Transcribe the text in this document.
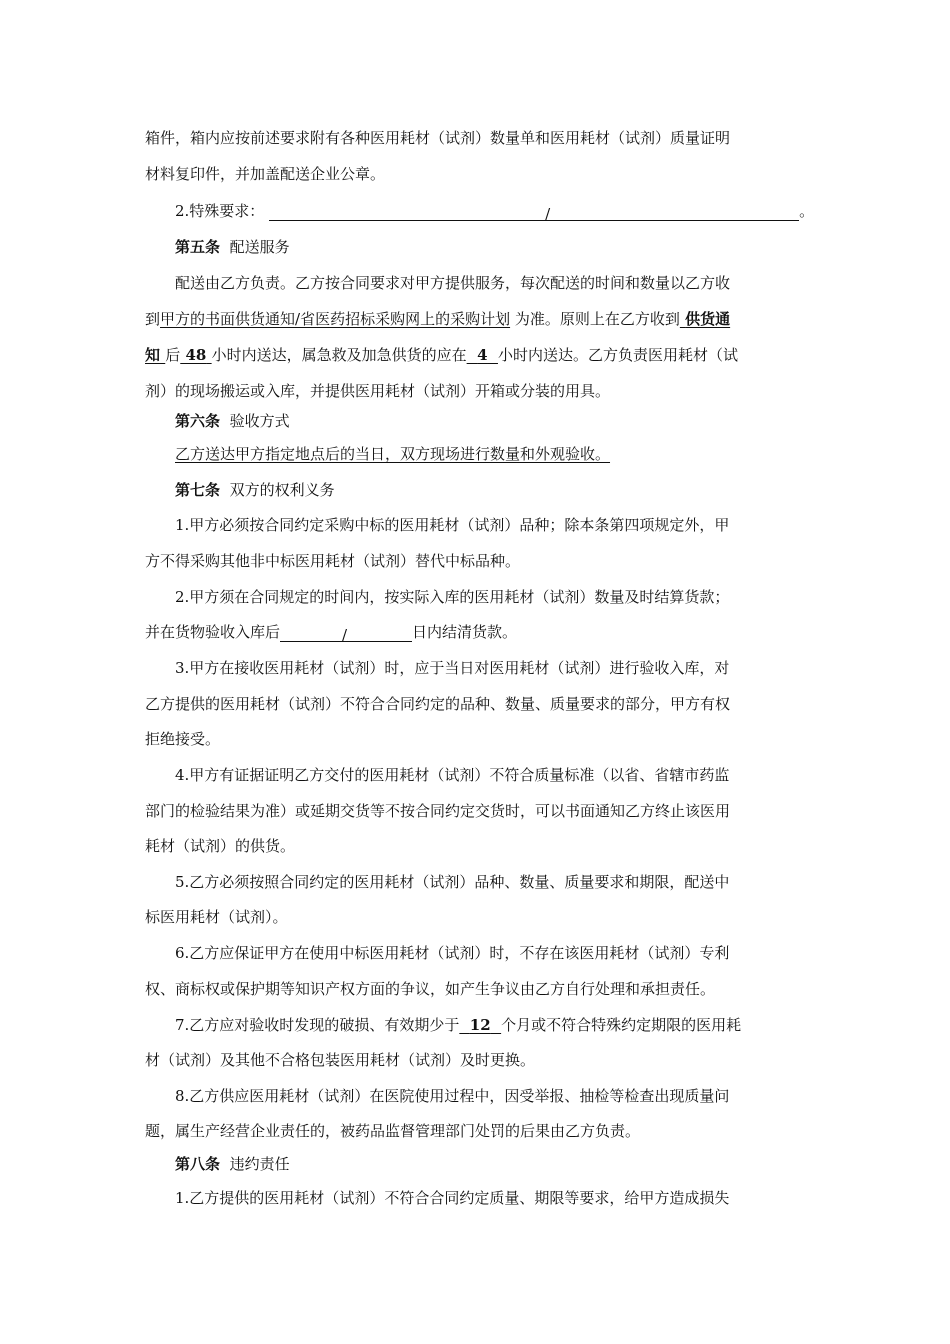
箱件，箱内应按前述要求附有各种医用耗材（试剂）数量单和医用耗材（试剂）质量证明
材料复印件，并加盖配送企业公章。
2.特殊要求：	/	。
第五条 配送服务
配送由乙方负责。乙方按合同要求对甲方提供服务，每次配送的时间和数量以乙方收
到甲方的书面供货通知/省医药招标采购网上的采购计划 为准。原则上在乙方收到 供货通
知 后 48 小时内送达，属急救及加急供货的应在 4 小时内送达。乙方负责医用耗材（试
剂）的现场搬运或入库，并提供医用耗材（试剂）开箱或分装的用具。
第六条 验收方式
乙方送达甲方指定地点后的当日，双方现场进行数量和外观验收。
第七条 双方的权利义务
1.甲方必须按合同约定采购中标的医用耗材（试剂）品种；除本条第四项规定外，甲
方不得采购其他非中标医用耗材（试剂）替代中标品种。
2.甲方须在合同规定的时间内，按实际入库的医用耗材（试剂）数量及时结算货款；
并在货物验收入库后	/	日内结清货款。
3.甲方在接收医用耗材（试剂）时，应于当日对医用耗材（试剂）进行验收入库，对
乙方提供的医用耗材（试剂）不符合合同约定的品种、数量、质量要求的部分，甲方有权
拒绝接受。
4.甲方有证据证明乙方交付的医用耗材（试剂）不符合质量标准（以省、省辖市药监
部门的检验结果为准）或延期交货等不按合同约定交货时，可以书面通知乙方终止该医用
耗材（试剂）的供货。
5.乙方必须按照合同约定的医用耗材（试剂）品种、数量、质量要求和期限，配送中
标医用耗材（试剂）。
6.乙方应保证甲方在使用中标医用耗材（试剂）时，不存在该医用耗材（试剂）专利
权、商标权或保护期等知识产权方面的争议，如产生争议由乙方自行处理和承担责任。
7.乙方应对验收时发现的破损、有效期少于 12 个月或不符合特殊约定期限的医用耗
材（试剂）及其他不合格包装医用耗材（试剂）及时更换。
8.乙方供应医用耗材（试剂）在医院使用过程中，因受举报、抽检等检查出现质量问
题，属生产经营企业责任的，被药品监督管理部门处罚的后果由乙方负责。
第八条 违约责任
1.乙方提供的医用耗材（试剂）不符合合同约定质量、期限等要求，给甲方造成损失
